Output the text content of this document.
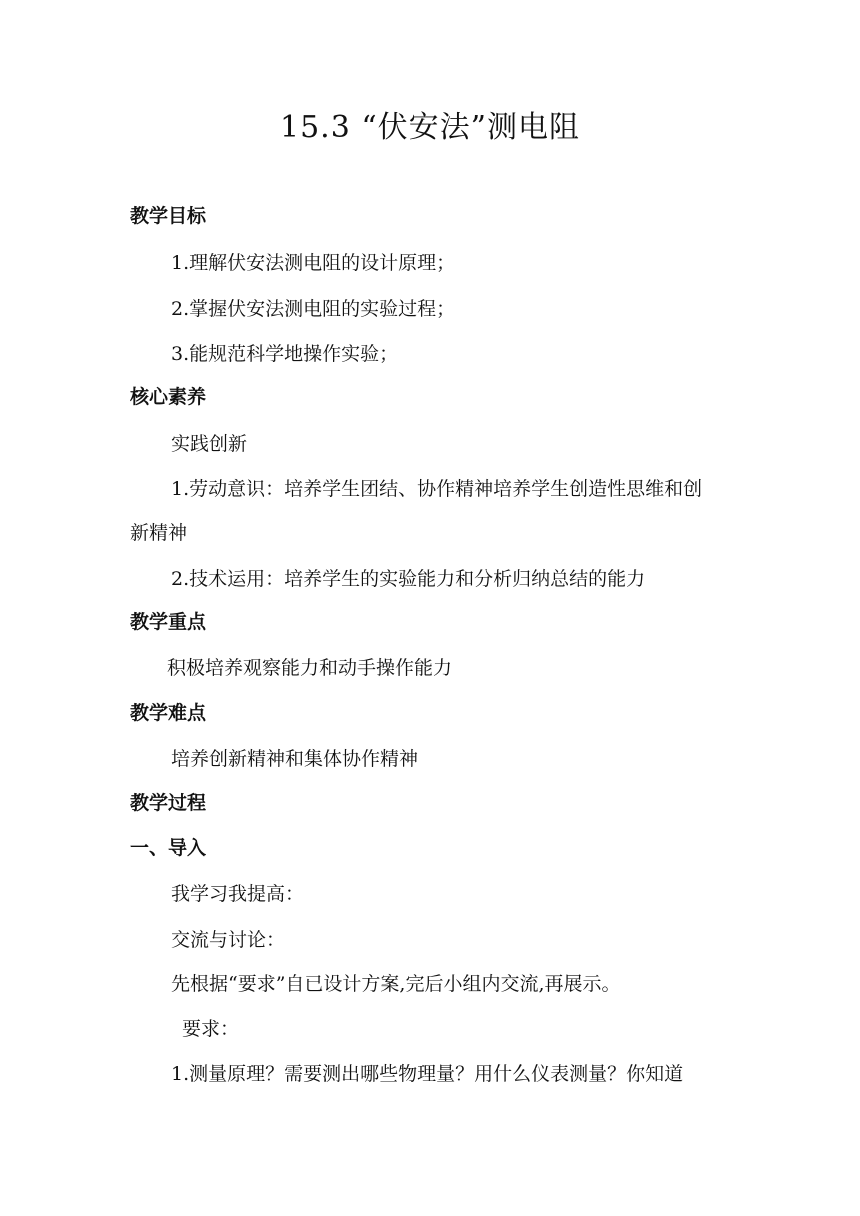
15.3 “伏安法”测电阻
教学目标
1.理解伏安法测电阻的设计原理；
2.掌握伏安法测电阻的实验过程；
3.能规范科学地操作实验；
核心素养
实践创新
1.劳动意识：培养学生团结、协作精神培养学生创造性思维和创
新精神
2.技术运用：培养学生的实验能力和分析归纳总结的能力
教学重点
积极培养观察能力和动手操作能力
教学难点
培养创新精神和集体协作精神
教学过程
一、导入
我学习我提高：
交流与讨论：
先根据“要求”自已设计方案,完后小组内交流,再展示。
要求：
1.测量原理？需要测出哪些物理量？用什么仪表测量？你知道
